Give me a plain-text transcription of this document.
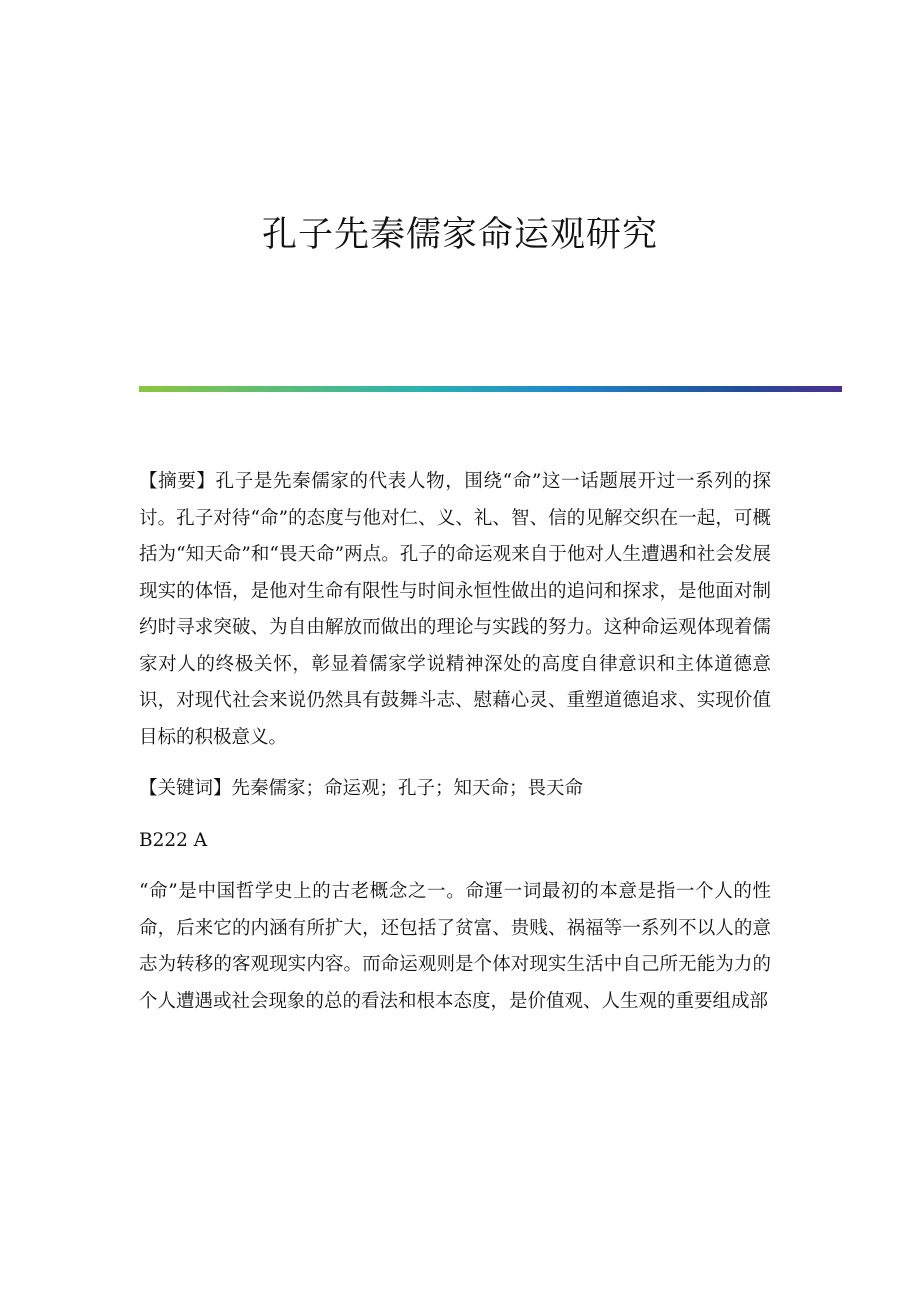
孔子先秦儒家命运观研究

【摘要】孔子是先秦儒家的代表人物，围绕“命”这一话题展开过一系列的探讨。孔子对待“命”的态度与他对仁、义、礼、智、信的见解交织在一起，可概括为“知天命”和“畏天命”两点。孔子的命运观来自于他对人生遭遇和社会发展现实的体悟，是他对生命有限性与时间永恒性做出的追问和探求，是他面对制约时寻求突破、为自由解放而做出的理论与实践的努力。这种命运观体现着儒家对人的终极关怀，彰显着儒家学说精神深处的高度自律意识和主体道德意识，对现代社会来说仍然具有鼓舞斗志、慰藉心灵、重塑道德追求、实现价值目标的积极意义。

【关键词】先秦儒家；命运观；孔子；知天命；畏天命

B222 A

“命”是中国哲学史上的古老概念之一。命運一词最初的本意是指一个人的性命，后来它的内涵有所扩大，还包括了贫富、贵贱、祸福等一系列不以人的意志为转移的客观现实内容。而命运观则是个体对现实生活中自己所无能为力的个人遭遇或社会现象的总的看法和根本态度，是价值观、人生观的重要组成部
